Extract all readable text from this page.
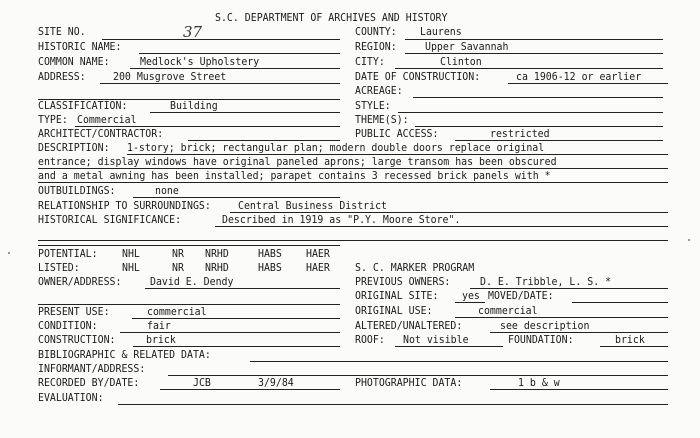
S.C. DEPARTMENT OF ARCHIVES AND HISTORY
SITE NO.	37	COUNTY: Laurens
HISTORIC NAME:	REGION:	Upper Savannah
COMMON NAME:	Medlock's Upholstery	CITY:	Clinton
ADDRESS: 200 Musgrove Street	DATE OF CONSTRUCTION:	ca 1906-12 or earlier
ACREAGE:
CLASSIFICATION:	Building	STYLE:
TYPE: Commercial	THEME(S):
ARCHITECT/CONTRACTOR:	PUBLIC ACCESS:	restricted
DESCRIPTION: 1-story; brick; rectangular plan; modern double doors replace original
entrance; display windows have original paneled aprons; large transom has been obscured
and a metal awning has been installed; parapet contains 3 recessed brick panels with *
OUTBUILDINGS:	none
RELATIONSHIP TO SURROUNDINGS: Central Business District
HISTORICAL SIGNIFICANCE:	Described in 1919 as "P.Y. Moore Store".
POTENTIAL: NHL	NR NRHD	HABS HAER
LISTED:	NHL	NR NRHD	HABS HAER S. C. MARKER PROGRAM
OWNER/ADDRESS:	David E. Dendy	PREVIOUS OWNERS:	D. E. Tribble, L. S. *
ORIGINAL SITE: yes MOVED/DATE:
PRESENT USE:	commercial	ORIGINAL USE:	commercial
CONDITION:	fair	ALTERED/UNALTERED:	see description
CONSTRUCTION:	brick	ROOF: Not visible	FOUNDATION:	brick
BIBLIOGRAPHIC & RELATED DATA:
INFORMANT/ADDRESS:
RECORDED BY/DATE:	JCB	3/9/84	PHOTOGRAPHIC DATA:	1 b & w
EVALUATION:
